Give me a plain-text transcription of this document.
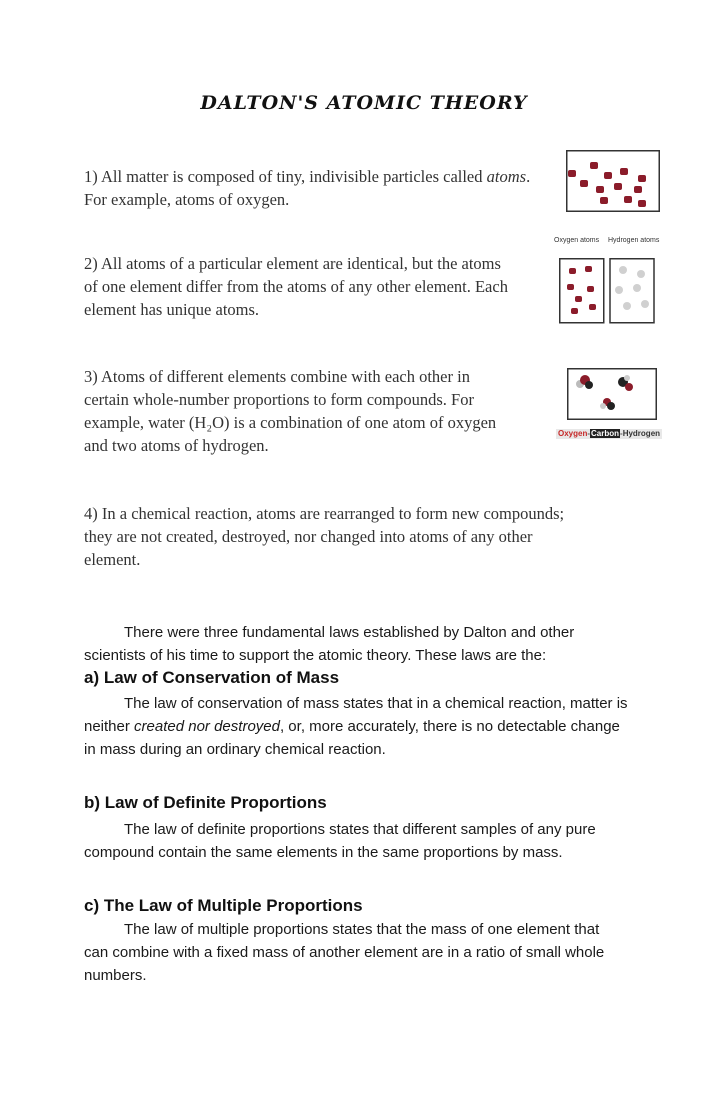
DALTON'S ATOMIC THEORY
1) All matter is composed of tiny, indivisible particles called atoms.
For example, atoms of oxygen.
Oxygen atoms Hydrogen atoms
2) All atoms of a particular element are identical, but the atoms
of one element differ from the atoms of any other element. Each
element has unique atoms.
Oxygen-Carbon-Hydrogen
3) Atoms of different elements combine with each other in
certain whole-number proportions to form compounds. For
example, water (H₂O) is a combination of one atom of oxygen
and two atoms of hydrogen.
4) In a chemical reaction, atoms are rearranged to form new compounds;
they are not created, destroyed, nor changed into atoms of any other
element.
There were three fundamental laws established by Dalton and other
scientists of his time to support the atomic theory. These laws are the:
a) Law of Conservation of Mass
The law of conservation of mass states that in a chemical reaction, matter is
neither created nor destroyed, or, more accurately, there is no detectable change
in mass during an ordinary chemical reaction.
b) Law of Definite Proportions
The law of definite proportions states that different samples of any pure
compound contain the same elements in the same proportions by mass.
c) The Law of Multiple Proportions
The law of multiple proportions states that the mass of one element that
can combine with a fixed mass of another element are in a ratio of small whole
numbers.
